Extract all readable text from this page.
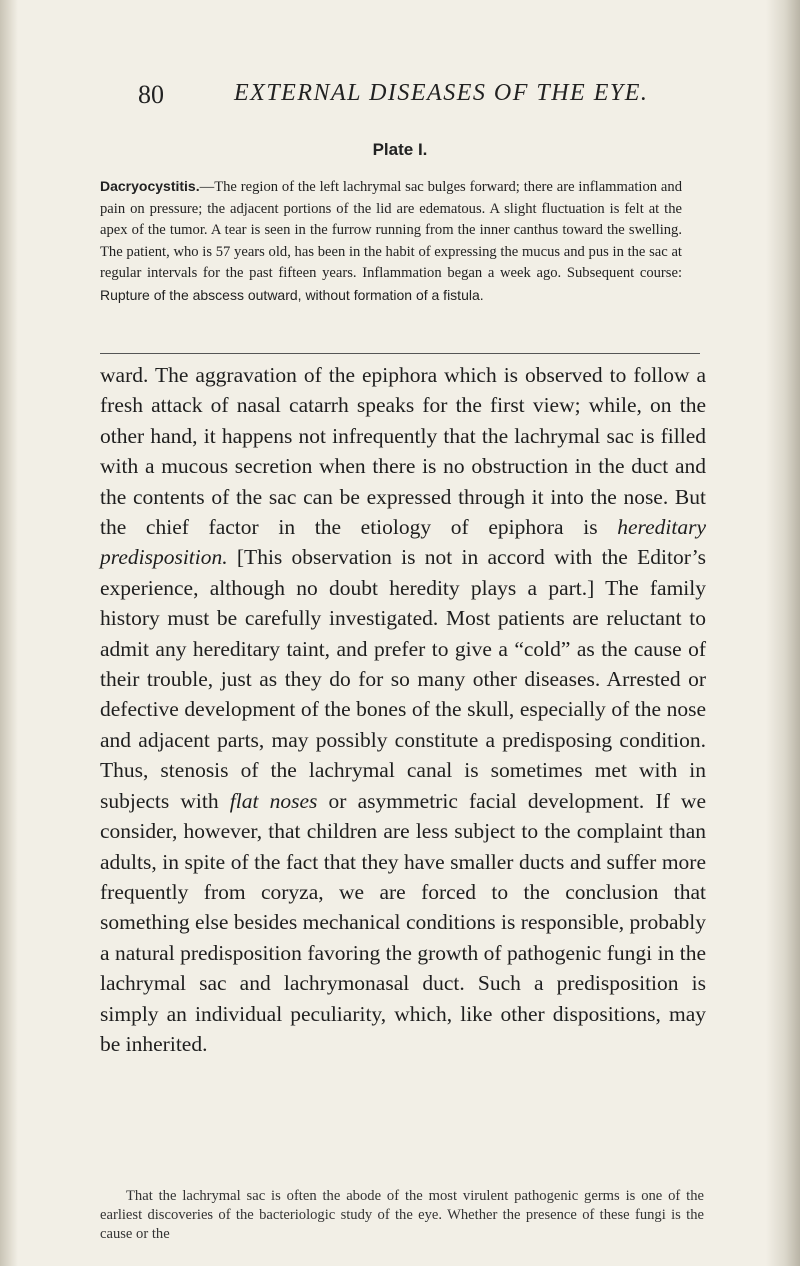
80	EXTERNAL DISEASES OF THE EYE.
Plate I.
Dacryocystitis.—The region of the left lachrymal sac bulges forward; there are inflammation and pain on pressure; the adjacent portions of the lid are edematous. A slight fluctuation is felt at the apex of the tumor. A tear is seen in the furrow running from the inner canthus toward the swelling. The patient, who is 57 years old, has been in the habit of expressing the mucus and pus in the sac at regular intervals for the past fifteen years. Inflammation began a week ago. Subsequent course: Rupture of the abscess outward, without formation of a fistula.

ward. The aggravation of the epiphora which is observed to follow a fresh attack of nasal catarrh speaks for the first view; while, on the other hand, it happens not infrequently that the lachrymal sac is filled with a mucous secretion when there is no obstruction in the duct and the contents of the sac can be expressed through it into the nose. But the chief factor in the etiology of epiphora is hereditary predisposition. [This observation is not in accord with the Editor’s experience, although no doubt heredity plays a part.] The family history must be carefully investigated. Most patients are reluctant to admit any hereditary taint, and prefer to give a “cold” as the cause of their trouble, just as they do for so many other diseases. Arrested or defective development of the bones of the skull, especially of the nose and adjacent parts, may possibly constitute a predisposing condition. Thus, stenosis of the lachrymal canal is sometimes met with in subjects with flat noses or asymmetric facial development. If we consider, however, that children are less subject to the complaint than adults, in spite of the fact that they have smaller ducts and suffer more frequently from coryza, we are forced to the conclusion that something else besides mechanical conditions is responsible, probably a natural predisposition favoring the growth of pathogenic fungi in the lachrymal sac and lachrymonasal duct. Such a predisposition is simply an individual peculiarity, which, like other dispositions, may be inherited.

That the lachrymal sac is often the abode of the most virulent pathogenic germs is one of the earliest discoveries of the bacteriologic study of the eye. Whether the presence of these fungi is the cause or the
